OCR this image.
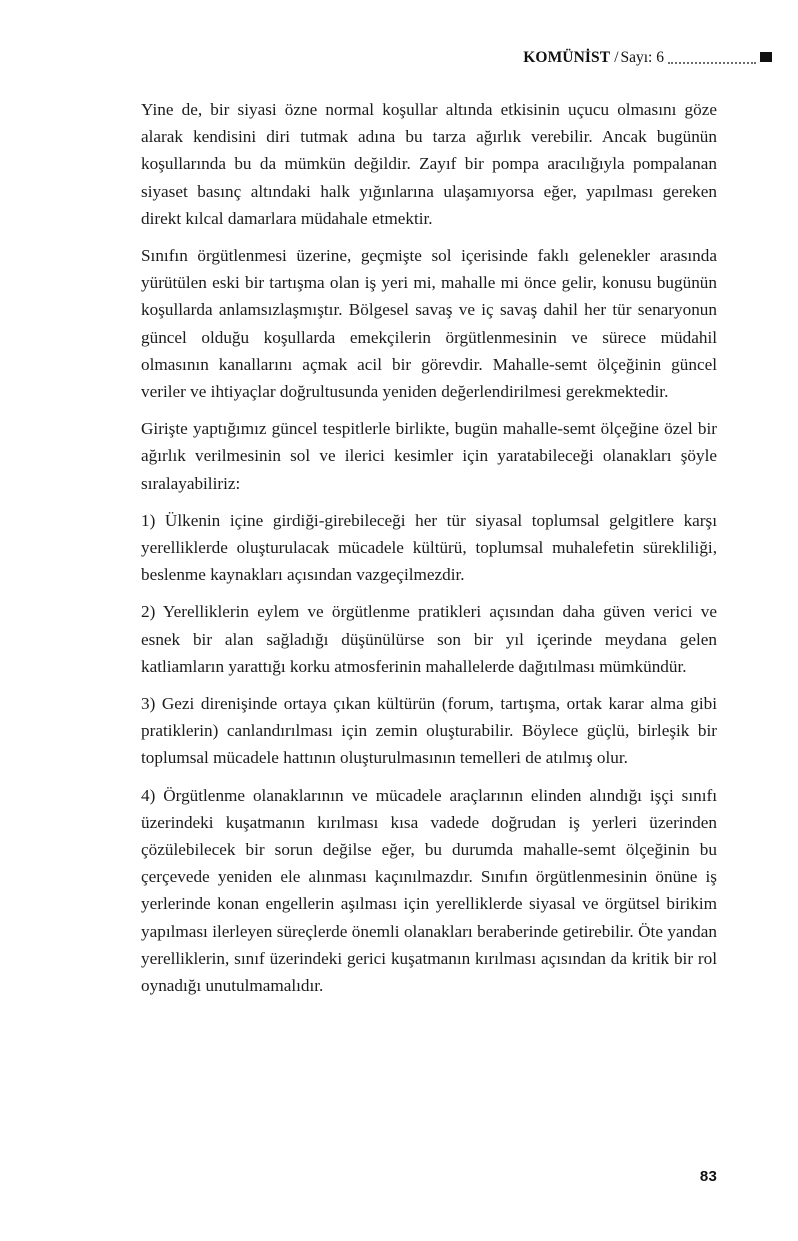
KOMÜNİST / Sayı: 6

Yine de, bir siyasi özne normal koşullar altında etkisinin uçucu olmasını göze alarak kendisini diri tutmak adına bu tarza ağırlık verebilir. Ancak bugünün koşullarında bu da mümkün değildir. Zayıf bir pompa aracılığıyla pompalanan siyaset basınç altındaki halk yığınlarına ulaşamıyorsa eğer, yapılması gereken direkt kılcal damarlara müdahale etmektir.

Sınıfın örgütlenmesi üzerine, geçmişte sol içerisinde faklı gelenekler arasında yürütülen eski bir tartışma olan iş yeri mi, mahalle mi önce gelir, konusu bugünün koşullarda anlamsızlaşmıştır. Bölgesel savaş ve iç savaş dahil her tür senaryonun güncel olduğu koşullarda emekçilerin örgütlenmesinin ve sürece müdahil olmasının kanallarını açmak acil bir görevdir. Mahalle-semt ölçeğinin güncel veriler ve ihtiyaçlar doğrultusunda yeniden değerlendirilmesi gerekmektedir.

Girişte yaptığımız güncel tespitlerle birlikte, bugün mahalle-semt ölçeğine özel bir ağırlık verilmesinin sol ve ilerici kesimler için yaratabileceği olanakları şöyle sıralayabiliriz:

1) Ülkenin içine girdiği-girebileceği her tür siyasal toplumsal gelgitlere karşı yerelliklerde oluşturulacak mücadele kültürü, toplumsal muhalefetin sürekliliği, beslenme kaynakları açısından vazgeçilmezdir.

2) Yerelliklerin eylem ve örgütlenme pratikleri açısından daha güven verici ve esnek bir alan sağladığı düşünülürse son bir yıl içerinde meydana gelen katliamların yarattığı korku atmosferinin mahallelerde dağıtılması mümkündür.

3) Gezi direnişinde ortaya çıkan kültürün (forum, tartışma, ortak karar alma gibi pratiklerin) canlandırılması için zemin oluşturabilir. Böylece güçlü, birleşik bir toplumsal mücadele hattının oluşturulmasının temelleri de atılmış olur.

4) Örgütlenme olanaklarının ve mücadele araçlarının elinden alındığı işçi sınıfı üzerindeki kuşatmanın kırılması kısa vadede doğrudan iş yerleri üzerinden çözülebilecek bir sorun değilse eğer, bu durumda mahalle-semt ölçeğinin bu çerçevede yeniden ele alınması kaçınılmazdır. Sınıfın örgütlenmesinin önüne iş yerlerinde konan engellerin aşılması için yerelliklerde siyasal ve örgütsel birikim yapılması ilerleyen süreçlerde önemli olanakları beraberinde getirebilir. Öte yandan yerelliklerin, sınıf üzerindeki gerici kuşatmanın kırılması açısından da kritik bir rol oynadığı unutulmamalıdır.

83
